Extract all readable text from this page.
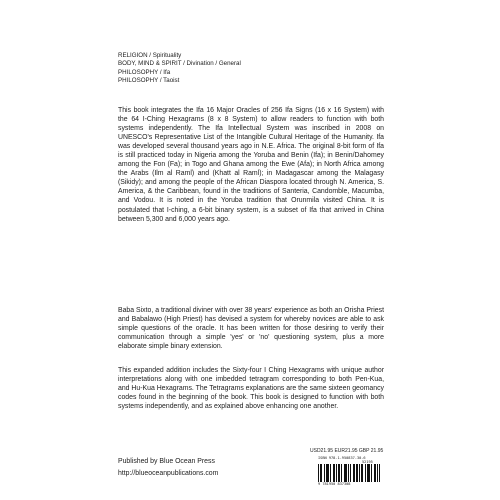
RELIGION / Spirituality
BODY, MIND & SPIRIT / Divination / General
PHILOSOPHY / Ifa
PHILOSOPHY / Taoist

This book integrates the Ifa 16 Major Oracles of 256 Ifa Signs (16 x 16 System) with the 64 I-Ching Hexagrams (8 x 8 System) to allow readers to function with both systems independently. The Ifa Intellectual System was inscribed in 2008 on UNESCO's Representative List of the Intangible Cultural Heritage of the Humanity. Ifa was developed several thousand years ago in N.E. Africa. The original 8-bit form of Ifa is still practiced today in Nigeria among the Yoruba and Benin (Ifa); in Benin/Dahomey among the Fon (Fa); in Togo and Ghana among the Ewe (Afa); in North Africa among the Arabs (Ilm al Raml) and (Khatt al Raml); in Madagascar among the Malagasy (Sikidy); and among the people of the African Diaspora located through N. America, S. America, & the Caribbean, found in the traditions of Santeria, Candomble, Macumba, and Vodou. It is noted in the Yoruba tradition that Orunmila visited China. It is postulated that I-ching, a 6-bit binary system, is a subset of Ifa that arrived in China between 5,300 and 6,000 years ago.

Baba Sixto, a traditional diviner with over 38 years' experience as both an Orisha Priest and Babalawo (High Priest) has devised a system for whereby novices are able to ask simple questions of the oracle. It has been written for those desiring to verify their communication through a simple 'yes' or 'no' questioning system, plus a more elaborate simple binary extension.

This expanded addition includes the Sixty-four I Ching Hexagrams with unique author interpretations along with one imbedded tetragram corresponding to both Pen-Kua, and Hu-Kua Hexagrams. The Tetragrams explanations are the same sixteen geomancy codes found in the beginning of the book. This book is designed to function with both systems independently, and as explained above enhancing one another.

USD21.95 EUR21.95 GBP 21.95
ISBN 978-1-950837-30-6
52195
9 781950 837308
Published by Blue Ocean Press
http://blueoceanpublications.com
